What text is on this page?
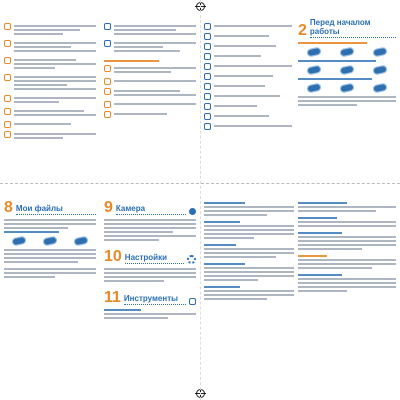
2 Перед началом работы
8 Мои файлы	9 Камера
10 Настройки
11 Инструменты
